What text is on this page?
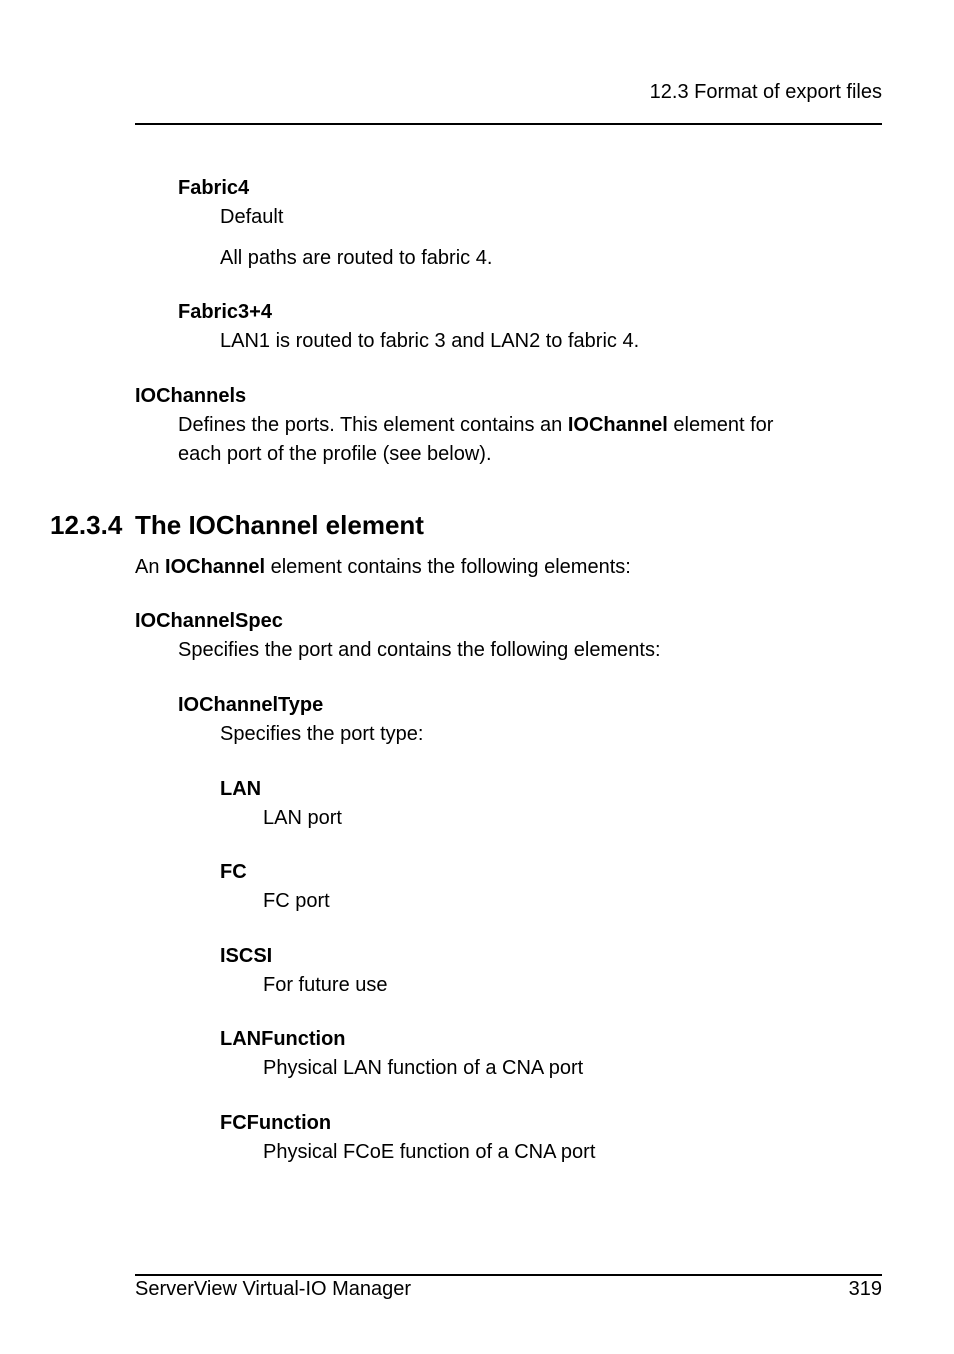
12.3 Format of export files
Fabric4
Default
All paths are routed to fabric 4.
Fabric3+4
LAN1 is routed to fabric 3 and LAN2 to fabric 4.
IOChannels
Defines the ports. This element contains an IOChannel element for
each port of the profile (see below).
12.3.4 The IOChannel element
An IOChannel element contains the following elements:
IOChannelSpec
Specifies the port and contains the following elements:
IOChannelType
Specifies the port type:
LAN
LAN port
FC
FC port
ISCSI
For future use
LANFunction
Physical LAN function of a CNA port
FCFunction
Physical FCoE function of a CNA port
ServerView Virtual-IO Manager	319
